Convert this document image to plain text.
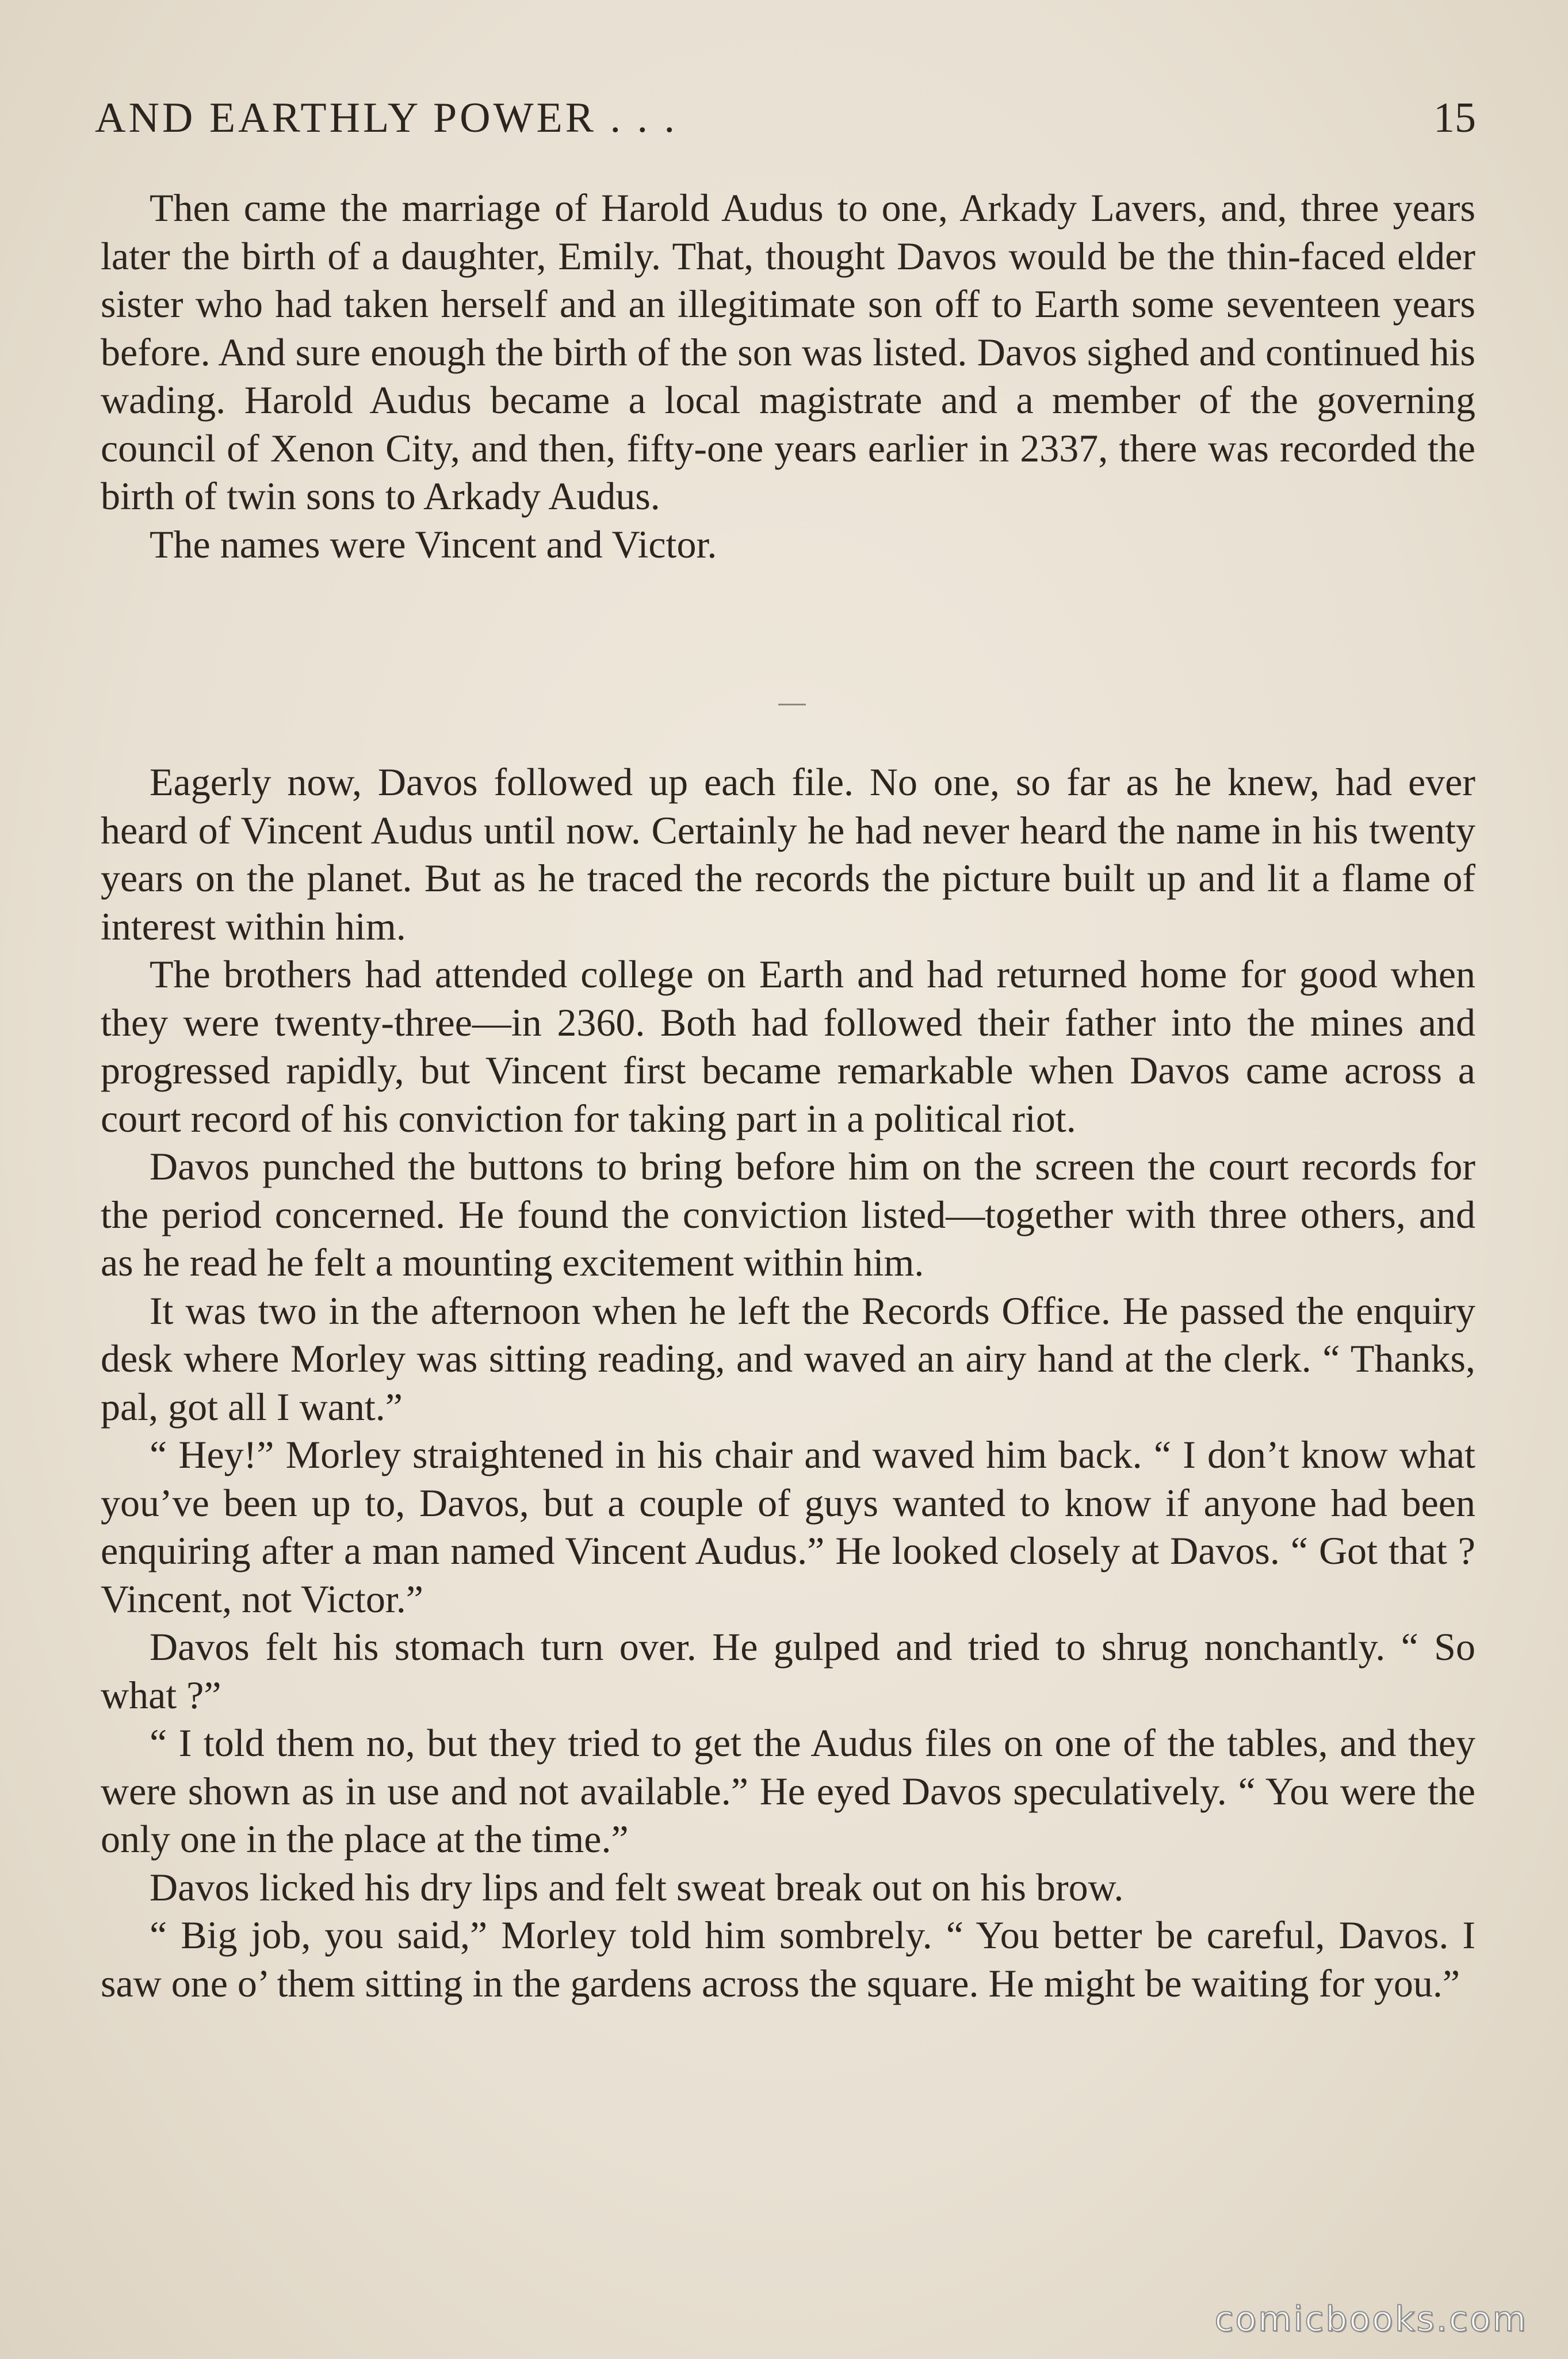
AND EARTHLY POWER . . .	15

Then came the marriage of Harold Audus to one, Arkady Lavers, and, three years later the birth of a daughter, Emily. That, thought Davos would be the thin-faced elder sister who had taken herself and an illegitimate son off to Earth some seventeen years before. And sure enough the birth of the son was listed. Davos sighed and continued his wading. Harold Audus became a local magistrate and a member of the governing council of Xenon City, and then, fifty-one years earlier in 2337, there was recorded the birth of twin sons to Arkady Audus.

The names were Vincent and Victor.

Eagerly now, Davos followed up each file. No one, so far as he knew, had ever heard of Vincent Audus until now. Certainly he had never heard the name in his twenty years on the planet. But as he traced the records the picture built up and lit a flame of interest within him.

The brothers had attended college on Earth and had returned home for good when they were twenty-three—in 2360. Both had followed their father into the mines and progressed rapidly, but Vincent first became remarkable when Davos came across a court record of his conviction for taking part in a political riot.

Davos punched the buttons to bring before him on the screen the court records for the period concerned. He found the conviction listed—together with three others, and as he read he felt a mounting excitement within him.

It was two in the afternoon when he left the Records Office. He passed the enquiry desk where Morley was sitting reading, and waved an airy hand at the clerk. “ Thanks, pal, got all I want.”

“ Hey!” Morley straightened in his chair and waved him back. “ I don’t know what you’ve been up to, Davos, but a couple of guys wanted to know if anyone had been enquiring after a man named Vincent Audus.” He looked closely at Davos. “ Got that ? Vincent, not Victor.”

Davos felt his stomach turn over. He gulped and tried to shrug nonchantly. “ So what ?”

“ I told them no, but they tried to get the Audus files on one of the tables, and they were shown as in use and not available.” He eyed Davos speculatively. “ You were the only one in the place at the time.”

Davos licked his dry lips and felt sweat break out on his brow.

“ Big job, you said,” Morley told him sombrely. “ You better be careful, Davos. I saw one o’ them sitting in the gardens across the square. He might be waiting for you.”

comicbooks.com
